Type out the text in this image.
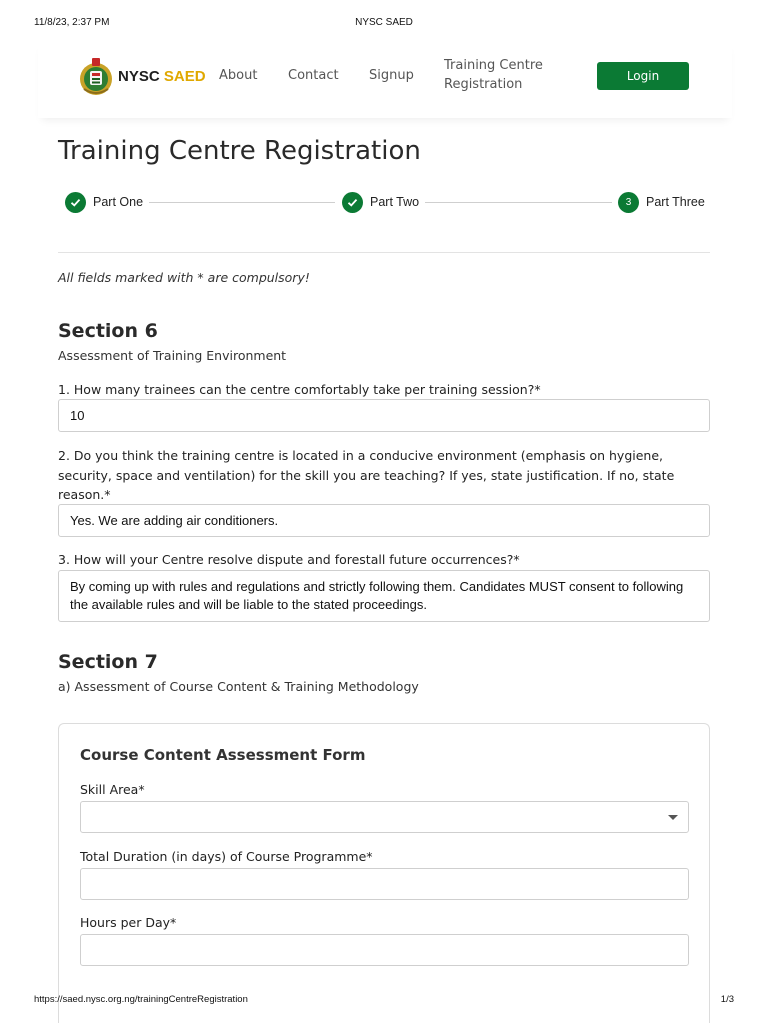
11/8/23, 2:37 PM	NYSC SAED
NYSC SAED About Contact Signup
Training Centre
Registration
Login
Training Centre Registration
Part One	Part Two	3	Part Three

All fields marked with * are compulsory!

Section 6

Assessment of Training Environment

1. How many trainees can the centre comfortably take per training session?*

10

2. Do you think the training centre is located in a conducive environment (emphasis on hygiene, security, space and ventilation) for the skill you are teaching? If yes, state justification. If no, state reason.*

Yes. We are adding air conditioners.

3. How will your Centre resolve dispute and forestall future occurrences?*

By coming up with rules and regulations and strictly following them. Candidates MUST consent to following the available rules and will be liable to the stated proceedings.
Section 7

a) Assessment of Course Content & Training Methodology

Course Content Assessment Form
Skill Area*
Total Duration (in days) of Course Programme*
Hours per Day*
https://saed.nysc.org.ng/trainingCentreRegistration	1/3
